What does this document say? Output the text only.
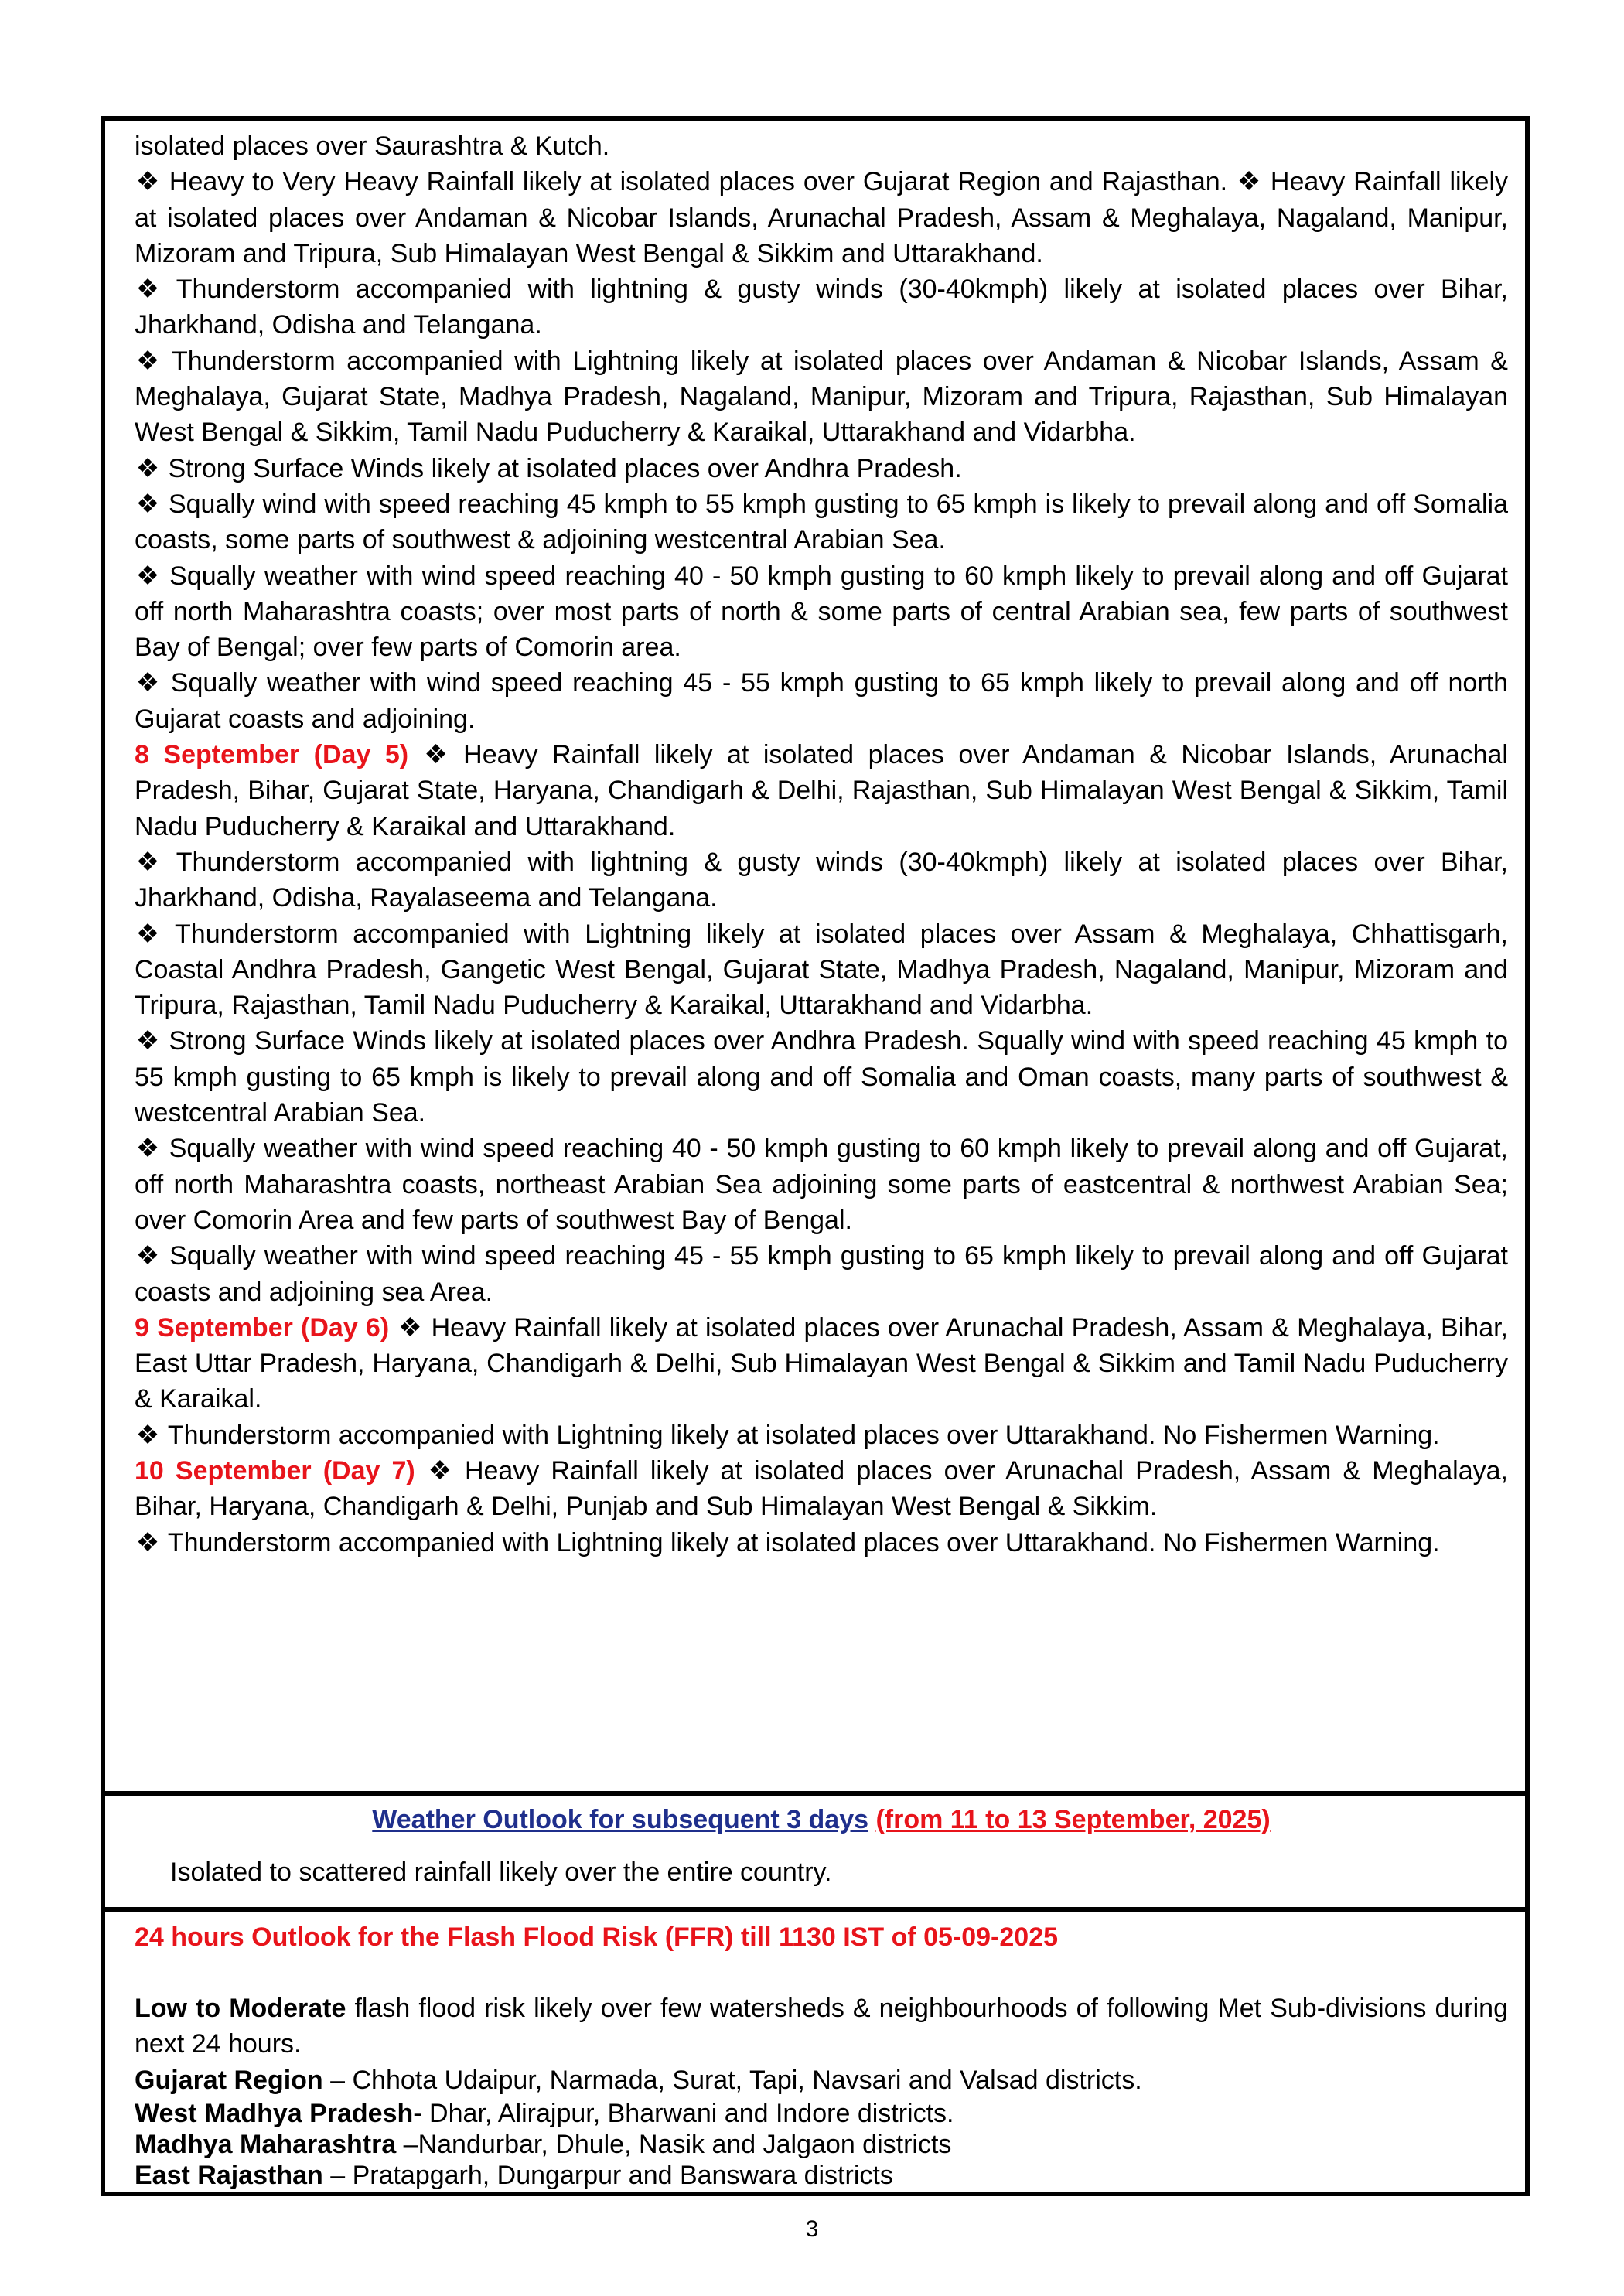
isolated places over Saurashtra & Kutch.

❖ Heavy to Very Heavy Rainfall likely at isolated places over Gujarat Region and Rajasthan. ❖ Heavy Rainfall likely at isolated places over Andaman & Nicobar Islands, Arunachal Pradesh, Assam & Meghalaya, Nagaland, Manipur, Mizoram and Tripura, Sub Himalayan West Bengal & Sikkim and Uttarakhand.

❖ Thunderstorm accompanied with lightning & gusty winds (30-40kmph) likely at isolated places over Bihar, Jharkhand, Odisha and Telangana.

❖ Thunderstorm accompanied with Lightning likely at isolated places over Andaman & Nicobar Islands, Assam & Meghalaya, Gujarat State, Madhya Pradesh, Nagaland, Manipur, Mizoram and Tripura, Rajasthan, Sub Himalayan West Bengal & Sikkim, Tamil Nadu Puducherry & Karaikal, Uttarakhand and Vidarbha.

❖ Strong Surface Winds likely at isolated places over Andhra Pradesh.

❖ Squally wind with speed reaching 45 kmph to 55 kmph gusting to 65 kmph is likely to prevail along and off Somalia coasts, some parts of southwest & adjoining westcentral Arabian Sea.

❖ Squally weather with wind speed reaching 40 - 50 kmph gusting to 60 kmph likely to prevail along and off Gujarat off north Maharashtra coasts; over most parts of north & some parts of central Arabian sea, few parts of southwest Bay of Bengal; over few parts of Comorin area.

❖ Squally weather with wind speed reaching 45 - 55 kmph gusting to 65 kmph likely to prevail along and off north Gujarat coasts and adjoining.

8 September (Day 5) ❖ Heavy Rainfall likely at isolated places over Andaman & Nicobar Islands, Arunachal Pradesh, Bihar, Gujarat State, Haryana, Chandigarh & Delhi, Rajasthan, Sub Himalayan West Bengal & Sikkim, Tamil Nadu Puducherry & Karaikal and Uttarakhand.

❖ Thunderstorm accompanied with lightning & gusty winds (30-40kmph) likely at isolated places over Bihar, Jharkhand, Odisha, Rayalaseema and Telangana.

❖ Thunderstorm accompanied with Lightning likely at isolated places over Assam & Meghalaya, Chhattisgarh, Coastal Andhra Pradesh, Gangetic West Bengal, Gujarat State, Madhya Pradesh, Nagaland, Manipur, Mizoram and Tripura, Rajasthan, Tamil Nadu Puducherry & Karaikal, Uttarakhand and Vidarbha.

❖ Strong Surface Winds likely at isolated places over Andhra Pradesh. Squally wind with speed reaching 45 kmph to 55 kmph gusting to 65 kmph is likely to prevail along and off Somalia and Oman coasts, many parts of southwest & westcentral Arabian Sea.

❖ Squally weather with wind speed reaching 40 - 50 kmph gusting to 60 kmph likely to prevail along and off Gujarat, off north Maharashtra coasts, northeast Arabian Sea adjoining some parts of eastcentral & northwest Arabian Sea; over Comorin Area and few parts of southwest Bay of Bengal.

❖ Squally weather with wind speed reaching 45 - 55 kmph gusting to 65 kmph likely to prevail along and off Gujarat coasts and adjoining sea Area.

9 September (Day 6) ❖ Heavy Rainfall likely at isolated places over Arunachal Pradesh, Assam & Meghalaya, Bihar, East Uttar Pradesh, Haryana, Chandigarh & Delhi, Sub Himalayan West Bengal & Sikkim and Tamil Nadu Puducherry & Karaikal.

❖ Thunderstorm accompanied with Lightning likely at isolated places over Uttarakhand. No Fishermen Warning.

10 September (Day 7) ❖ Heavy Rainfall likely at isolated places over Arunachal Pradesh, Assam & Meghalaya, Bihar, Haryana, Chandigarh & Delhi, Punjab and Sub Himalayan West Bengal & Sikkim.

❖ Thunderstorm accompanied with Lightning likely at isolated places over Uttarakhand. No Fishermen Warning.

Weather Outlook for subsequent 3 days (from 11 to 13 September, 2025)
Isolated to scattered rainfall likely over the entire country.

24 hours Outlook for the Flash Flood Risk (FFR) till 1130 IST of 05-09-2025

Low to Moderate flash flood risk likely over few watersheds & neighbourhoods of following Met Sub-divisions during next 24 hours.

Gujarat Region – Chhota Udaipur, Narmada, Surat, Tapi, Navsari and Valsad districts.

West Madhya Pradesh- Dhar, Alirajpur, Bharwani and Indore districts.

Madhya Maharashtra –Nandurbar, Dhule, Nasik and Jalgaon districts

East Rajasthan – Pratapgarh, Dungarpur and Banswara districts

3
